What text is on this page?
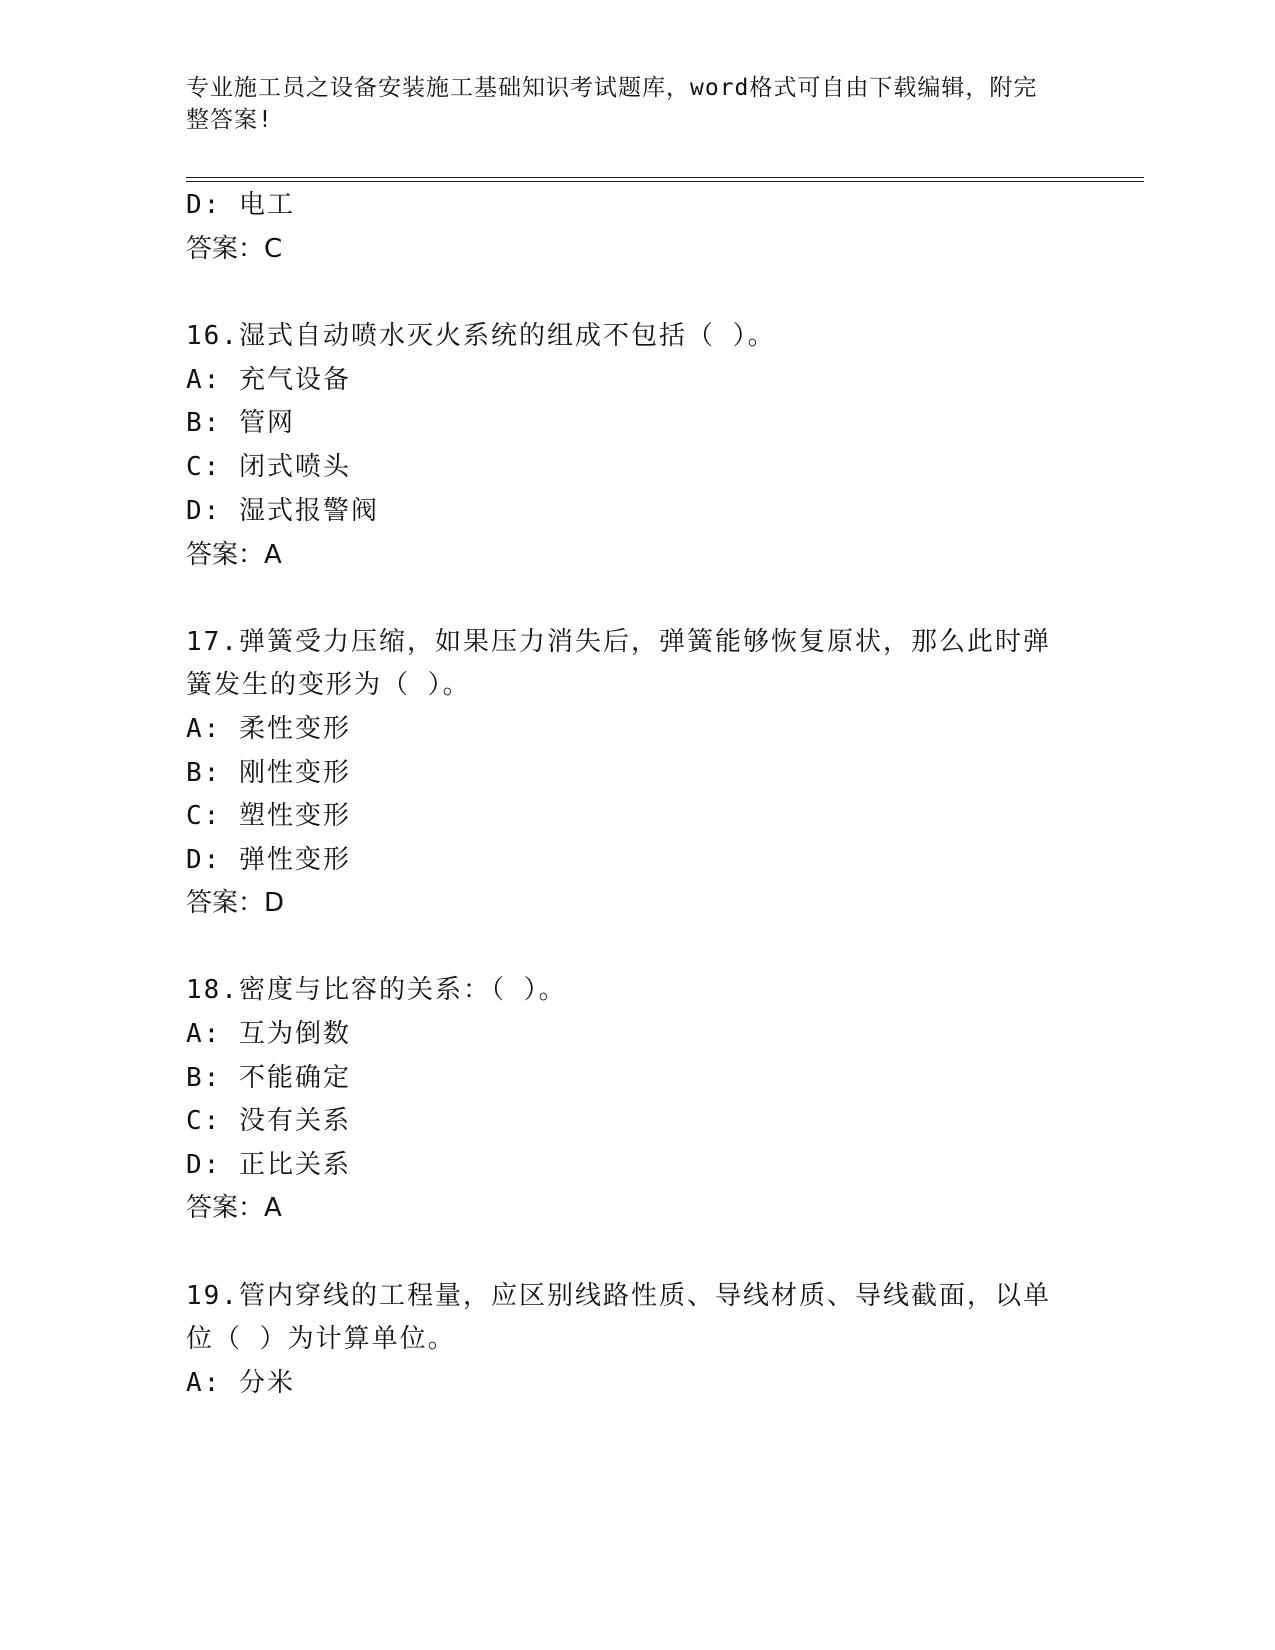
专业施工员之设备安装施工基础知识考试题库，word格式可自由下载编辑，附完
整答案!
D: 电工
答案：C
16.湿式自动喷水灭火系统的组成不包括（ ）。
A: 充气设备
B: 管网
C: 闭式喷头
D: 湿式报警阀
答案：A
17.弹簧受力压缩，如果压力消失后，弹簧能够恢复原状，那么此时弹
簧发生的变形为（ ）。
A: 柔性变形
B: 刚性变形
C: 塑性变形
D: 弹性变形
答案：D
18.密度与比容的关系：（ ）。
A: 互为倒数
B: 不能确定
C: 没有关系
D: 正比关系
答案：A
19.管内穿线的工程量，应区别线路性质、导线材质、导线截面，以单
位（ ）为计算单位。
A: 分米
